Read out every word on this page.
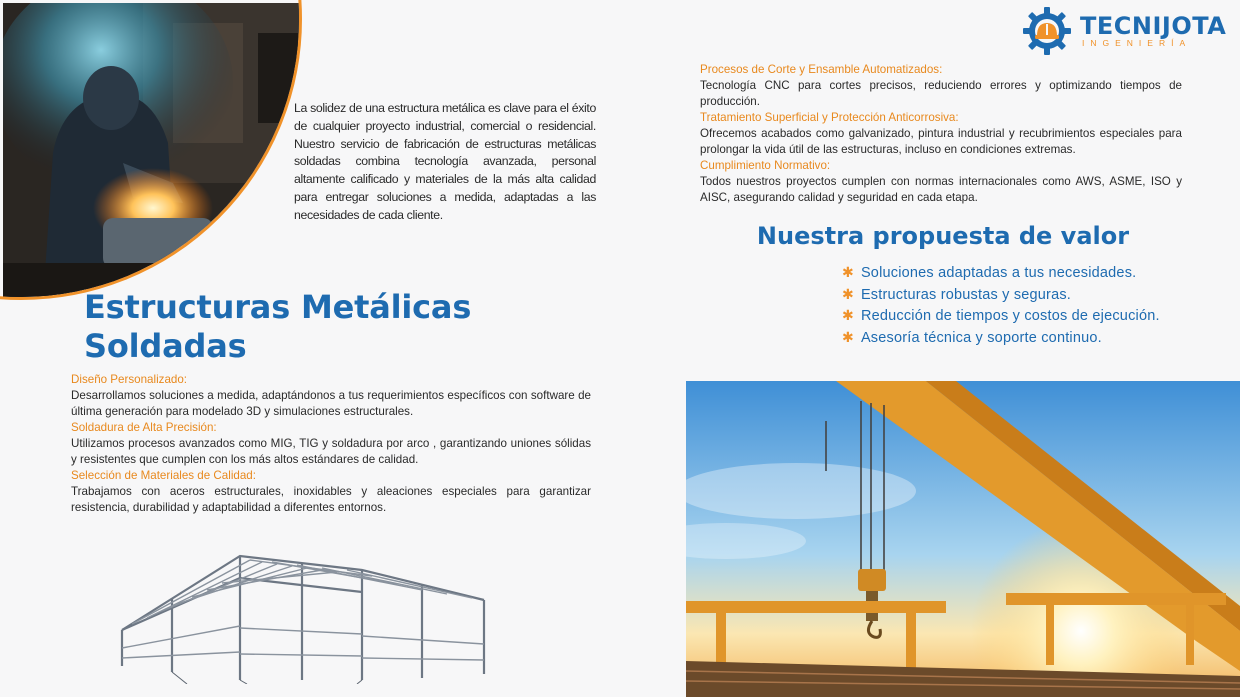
TECNIJOTA
INGENIERÍA
La solidez de una estructura metálica es clave para el éxito de cualquier proyecto industrial, comercial o residencial. Nuestro servicio de fabricación de estructuras metálicas soldadas combina tecnología avanzada, personal altamente calificado y materiales de la más alta calidad para entregar soluciones a medida, adaptadas a las necesidades de cada cliente.
Estructuras Metálicas
Soldadas
Diseño Personalizado:
Desarrollamos soluciones a medida, adaptándonos a tus requerimientos específicos con software de última generación para modelado 3D y simulaciones estructurales.
Soldadura de Alta Precisión:
Utilizamos procesos avanzados como MIG, TIG y soldadura por arco , garantizando uniones sólidas y resistentes que cumplen con los más altos estándares de calidad.
Selección de Materiales de Calidad:
Trabajamos con aceros estructurales, inoxidables y aleaciones especiales para garantizar resistencia, durabilidad y adaptabilidad a diferentes entornos.
Procesos de Corte y Ensamble Automatizados:
Tecnología CNC para cortes precisos, reduciendo errores y optimizando tiempos de producción.
Tratamiento Superficial y Protección Anticorrosiva:
Ofrecemos acabados como galvanizado, pintura industrial y recubrimientos especiales para prolongar la vida útil de las estructuras, incluso en condiciones extremas.
Cumplimiento Normativo:
Todos nuestros proyectos cumplen con normas internacionales como AWS, ASME, ISO y AISC, asegurando calidad y seguridad en cada etapa.
Nuestra propuesta de valor
✱ Soluciones adaptadas a tus necesidades.
✱ Estructuras robustas y seguras.
✱ Reducción de tiempos y costos de ejecución.
✱ Asesoría técnica y soporte continuo.
